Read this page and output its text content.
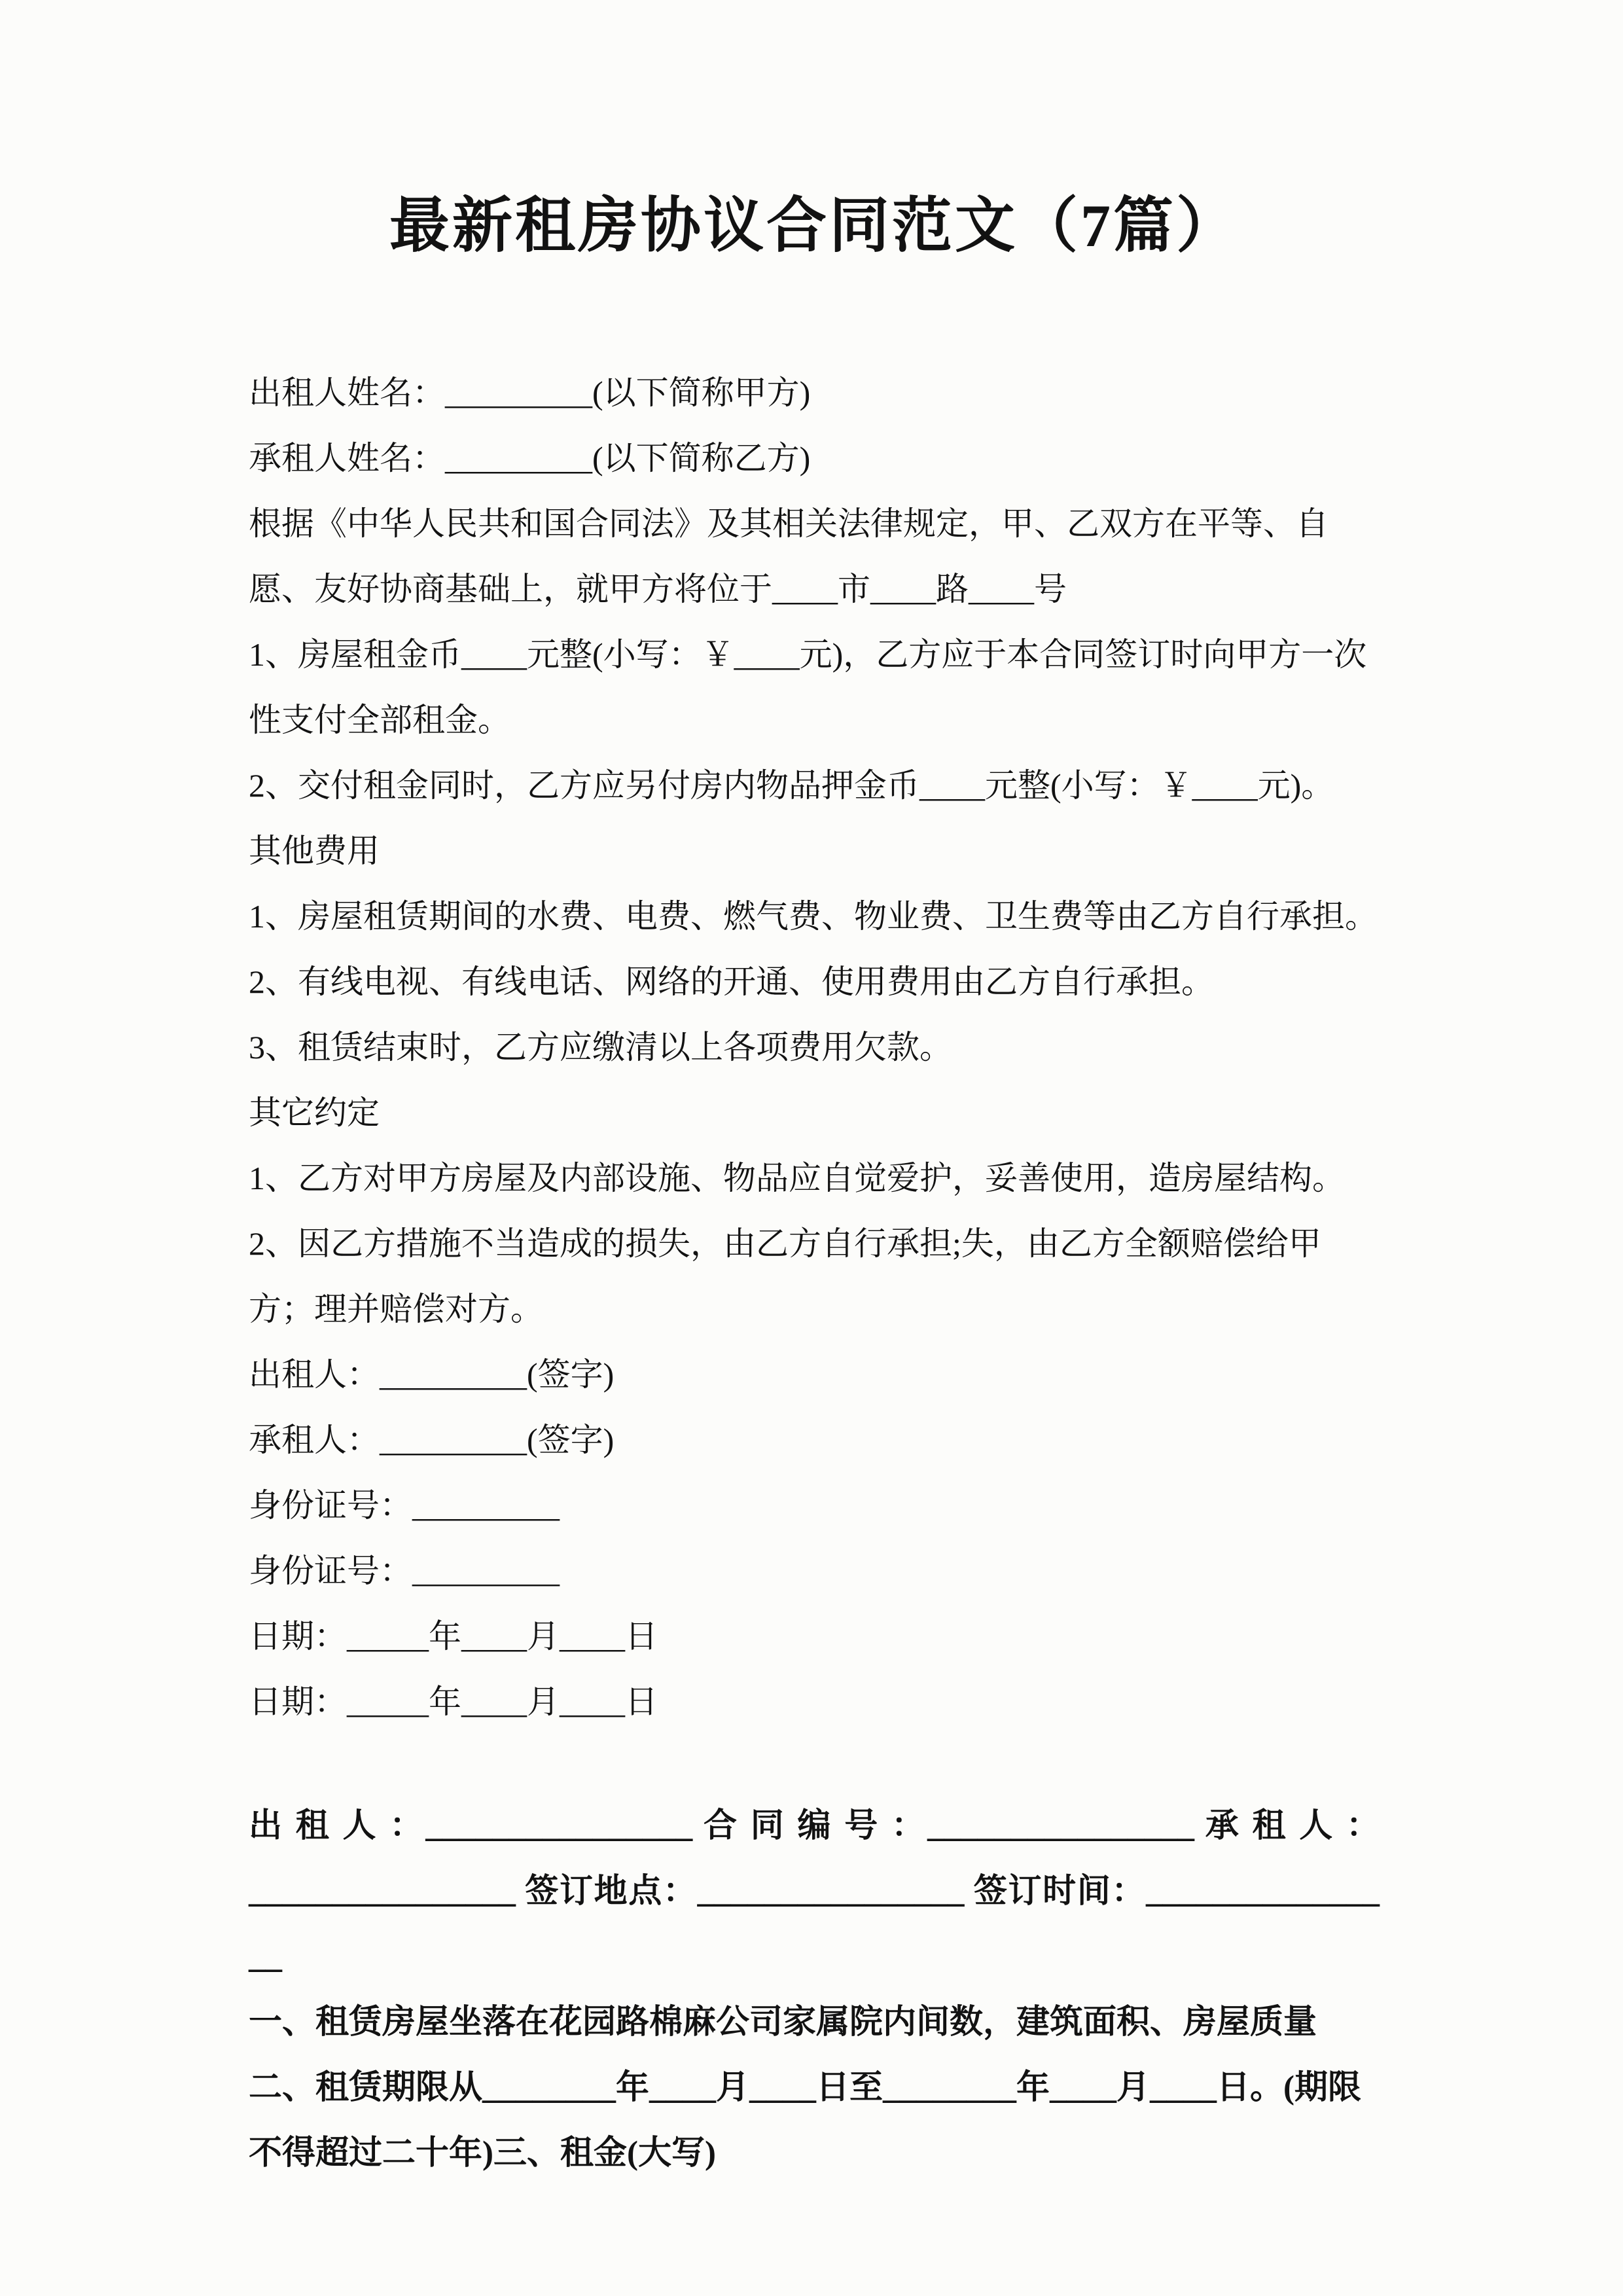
最新租房协议合同范文（7篇）

出租人姓名：_________(以下简称甲方)

承租人姓名：_________(以下简称乙方)

根据《中华人民共和国合同法》及其相关法律规定，甲、乙双方在平等、自愿、友好协商基础上，就甲方将位于____市____路____号

1、房屋租金币____元整(小写：￥____元)，乙方应于本合同签订时向甲方一次性支付全部租金。

2、交付租金同时，乙方应另付房内物品押金币____元整(小写：￥____元)。

其他费用

1、房屋租赁期间的水费、电费、燃气费、物业费、卫生费等由乙方自行承担。

2、有线电视、有线电话、网络的开通、使用费用由乙方自行承担。

3、租赁结束时，乙方应缴清以上各项费用欠款。

其它约定

1、乙方对甲方房屋及内部设施、物品应自觉爱护，妥善使用，造房屋结构。

2、因乙方措施不当造成的损失，由乙方自行承担;失，由乙方全额赔偿给甲方；理并赔偿对方。

出租人：_________(签字)

承租人：_________(签字)

身份证号：_________

身份证号：_________

日期：_____年____月____日

日期：_____年____月____日

出 租 人 ：________________ 合 同 编 号 ：________________ 承 租 人 ：

________________ 签订地点：________________ 签订时间：________________

一、租赁房屋坐落在花园路棉麻公司家属院内间数，建筑面积、房屋质量

二、租赁期限从________年____月____日至________年____月____日。(期限不得超过二十年)三、租金(大写)
